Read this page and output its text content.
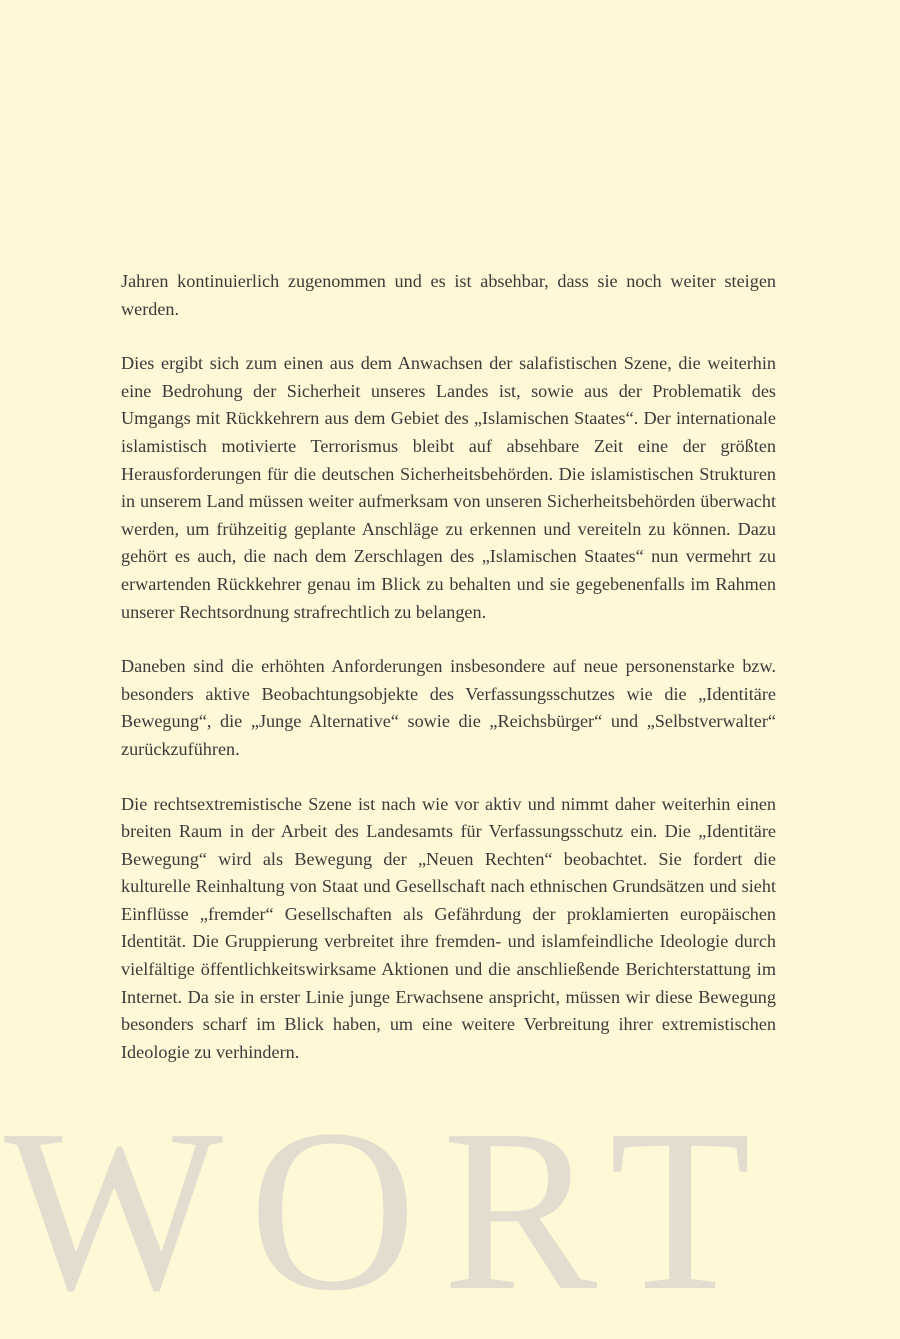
WORT

Jahren kontinuierlich zugenommen und es ist absehbar, dass sie noch weiter steigen werden.

Dies ergibt sich zum einen aus dem Anwachsen der salafistischen Szene, die weiterhin eine Bedrohung der Sicherheit unseres Landes ist, sowie aus der Problematik des Umgangs mit Rückkehrern aus dem Gebiet des „Islamischen Staates“. Der internationale islamistisch motivierte Terrorismus bleibt auf absehbare Zeit eine der größten Herausforderungen für die deutschen Sicherheitsbehörden. Die islamistischen Strukturen in unserem Land müssen weiter aufmerksam von unseren Sicherheitsbehörden überwacht werden, um frühzeitig geplante Anschläge zu erkennen und vereiteln zu können. Dazu gehört es auch, die nach dem Zerschlagen des „Islamischen Staates“ nun vermehrt zu erwartenden Rückkehrer genau im Blick zu behalten und sie gegebenenfalls im Rahmen unserer Rechtsordnung strafrechtlich zu belangen.

Daneben sind die erhöhten Anforderungen insbesondere auf neue personenstarke bzw. besonders aktive Beobachtungsobjekte des Verfassungsschutzes wie die „Identitäre Bewegung“, die „Junge Alternative“ sowie die „Reichsbürger“ und „Selbstverwalter“ zurückzuführen.

Die rechtsextremistische Szene ist nach wie vor aktiv und nimmt daher weiterhin einen breiten Raum in der Arbeit des Landesamts für Verfassungsschutz ein. Die „Identitäre Bewegung“ wird als Bewegung der „Neuen Rechten“ beobachtet. Sie fordert die kulturelle Reinhaltung von Staat und Gesellschaft nach ethnischen Grundsätzen und sieht Einflüsse „fremder“ Gesellschaften als Gefährdung der proklamierten europäischen Identität. Die Gruppierung verbreitet ihre fremden- und islamfeindliche Ideologie durch vielfältige öffentlichkeitswirksame Aktionen und die anschließende Berichterstattung im Internet. Da sie in erster Linie junge Erwachsene anspricht, müssen wir diese Bewegung besonders scharf im Blick haben, um eine weitere Verbreitung ihrer extremistischen Ideologie zu verhindern.
